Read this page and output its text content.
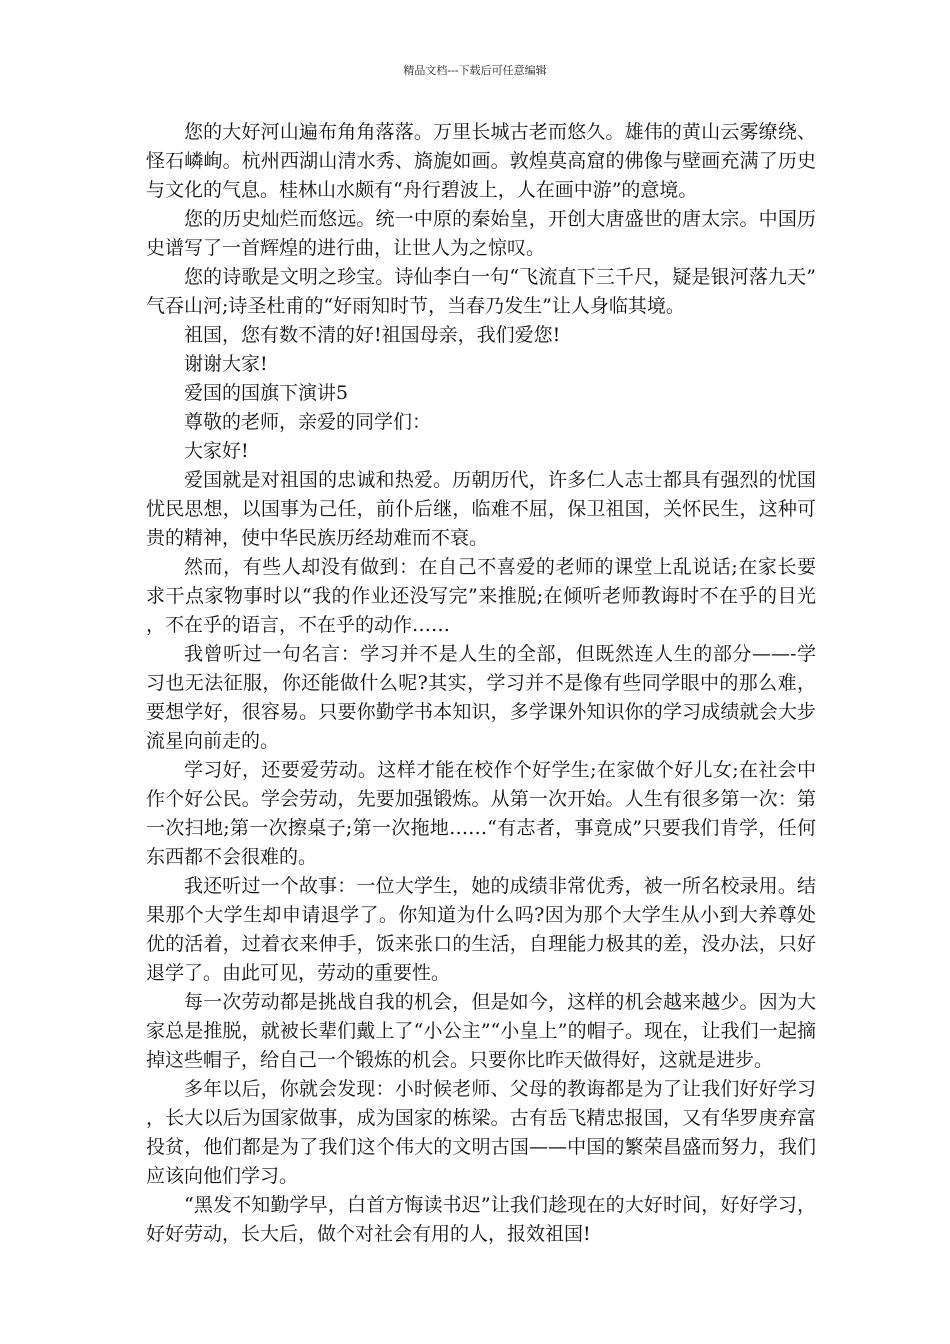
精品文档---下载后可任意编辑

您的大好河山遍布角角落落。万里长城古老而悠久。雄伟的黄山云雾缭绕、怪石嶙峋。杭州西湖山清水秀、旖旎如画。敦煌莫高窟的佛像与壁画充满了历史与文化的气息。桂林山水颇有“舟行碧波上，人在画中游”的意境。

您的历史灿烂而悠远。统一中原的秦始皇，开创大唐盛世的唐太宗。中国历史谱写了一首辉煌的进行曲，让世人为之惊叹。

您的诗歌是文明之珍宝。诗仙李白一句“飞流直下三千尺，疑是银河落九天”气吞山河;诗圣杜甫的“好雨知时节，当春乃发生”让人身临其境。

祖国，您有数不清的好!祖国母亲，我们爱您!

谢谢大家!

爱国的国旗下演讲5

尊敬的老师，亲爱的同学们：

大家好!

爱国就是对祖国的忠诚和热爱。历朝历代，许多仁人志士都具有强烈的忧国忧民思想，以国事为己任，前仆后继，临难不屈，保卫祖国，关怀民生，这种可贵的精神，使中华民族历经劫难而不衰。

然而，有些人却没有做到：在自己不喜爱的老师的课堂上乱说话;在家长要求干点家物事时以“我的作业还没写完”来推脱;在倾听老师教诲时不在乎的目光，不在乎的语言，不在乎的动作……

我曾听过一句名言：学习并不是人生的全部，但既然连人生的部分——-学习也无法征服，你还能做什么呢?其实，学习并不是像有些同学眼中的那么难，要想学好，很容易。只要你勤学书本知识，多学课外知识你的学习成绩就会大步流星向前走的。

学习好，还要爱劳动。这样才能在校作个好学生;在家做个好儿女;在社会中作个好公民。学会劳动，先要加强锻炼。从第一次开始。人生有很多第一次：第一次扫地;第一次擦桌子;第一次拖地……“有志者，事竟成”只要我们肯学，任何东西都不会很难的。

我还听过一个故事：一位大学生，她的成绩非常优秀，被一所名校录用。结果那个大学生却申请退学了。你知道为什么吗?因为那个大学生从小到大养尊处优的活着，过着衣来伸手，饭来张口的生活，自理能力极其的差，没办法，只好退学了。由此可见，劳动的重要性。

每一次劳动都是挑战自我的机会，但是如今，这样的机会越来越少。因为大家总是推脱，就被长辈们戴上了“小公主”“小皇上”的帽子。现在，让我们一起摘掉这些帽子，给自己一个锻炼的机会。只要你比昨天做得好，这就是进步。

多年以后，你就会发现：小时候老师、父母的教诲都是为了让我们好好学习，长大以后为国家做事，成为国家的栋梁。古有岳飞精忠报国，又有华罗庚弃富投贫，他们都是为了我们这个伟大的文明古国——中国的繁荣昌盛而努力，我们应该向他们学习。

“黑发不知勤学早，白首方悔读书迟”让我们趁现在的大好时间，好好学习，好好劳动，长大后，做个对社会有用的人，报效祖国!
